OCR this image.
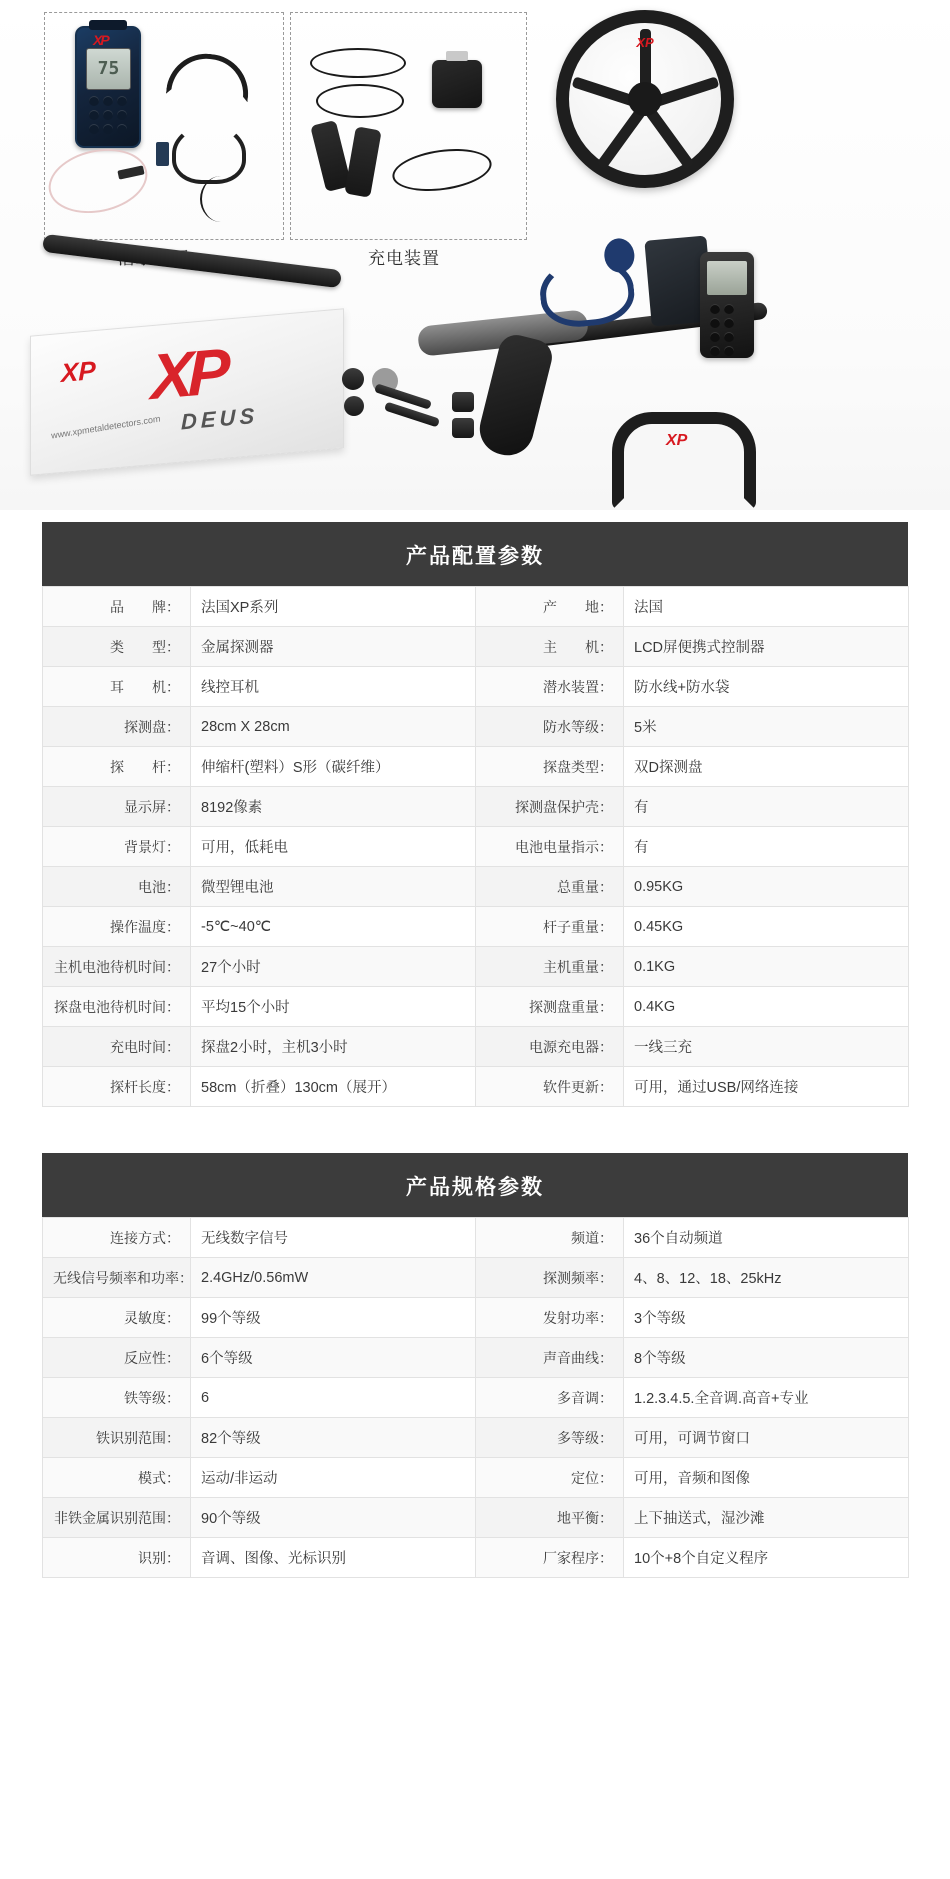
XP
75
充电装置
XP
XP XP
DEUS
www.xpmetaldetectors.com	XP
产品配置参数
品　　牌：	法国XP系列	产　　地：	法国
类　　型：	金属探测器	主　　机：	LCD屏便携式控制器
耳　　机：	线控耳机	潜水装置：	防水线+防水袋
探测盘：	28cm X 28cm	防水等级：	5米
探　　杆：	伸缩杆(塑料）S形（碳纤维）	探盘类型：	双D探测盘
显示屏：	8192像素	探测盘保护壳：	有
背景灯：	可用，低耗电	电池电量指示：	有
电池：	微型锂电池	总重量：	0.95KG
操作温度：	-5℃~40℃	杆子重量：	0.45KG
主机电池待机时间：	27个小时	主机重量：	0.1KG
探盘电池待机时间：	平均15个小时	探测盘重量：	0.4KG
充电时间：	探盘2小时，主机3小时	电源充电器：	一线三充
探杆长度：	58cm（折叠）130cm（展开）	软件更新：	可用，通过USB/网络连接
产品规格参数
连接方式：	无线数字信号	频道：	36个自动频道
无线信号频率和功率：	2.4GHz/0.56mW	探测频率：	4、8、12、18、25kHz
灵敏度：	99个等级	发射功率：	3个等级
反应性：	6个等级	声音曲线：	8个等级
铁等级：	6	多音调：	1.2.3.4.5.全音调.高音+专业
铁识别范围：	82个等级	多等级：	可用，可调节窗口
模式：	运动/非运动	定位：	可用，音频和图像
非铁金属识别范围：	90个等级	地平衡：	上下抽送式，湿沙滩
识别：	音调、图像、光标识别	厂家程序：	10个+8个自定义程序
